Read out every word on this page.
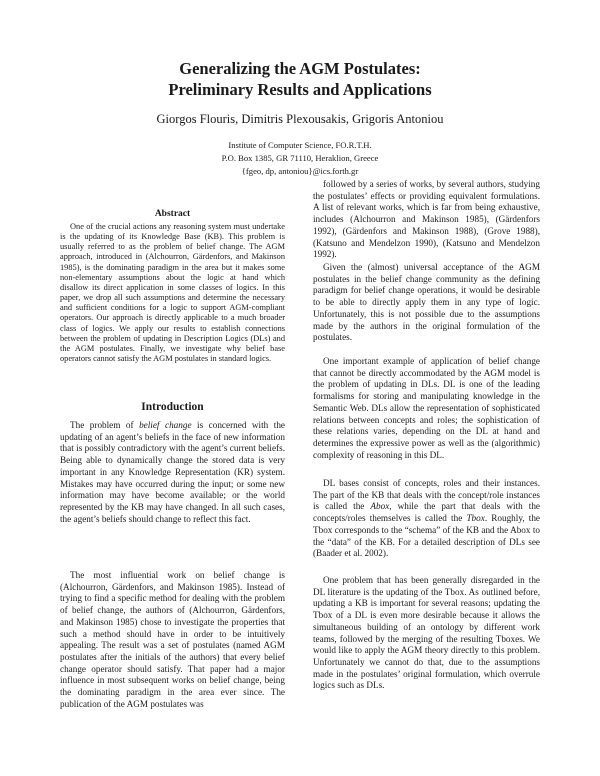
Generalizing the AGM Postulates:
Preliminary Results and Applications
Giorgos Flouris, Dimitris Plexousakis, Grigoris Antoniou
Institute of Computer Science, FO.R.T.H.
P.O. Box 1385, GR 71110, Heraklion, Greece
{fgeo, dp, antoniou}@ics.forth.gr
Abstract

One of the crucial actions any reasoning system must undertake is the updating of its Knowledge Base (KB). This problem is usually referred to as the problem of belief change. The AGM approach, introduced in (Alchourron, Gärdenfors, and Makinson 1985), is the dominating paradigm in the area but it makes some non-elementary assumptions about the logic at hand which disallow its direct application in some classes of logics. In this paper, we drop all such assumptions and determine the necessary and sufficient conditions for a logic to support AGM-compliant operators. Our approach is directly applicable to a much broader class of logics. We apply our results to establish connections between the problem of updating in Description Logics (DLs) and the AGM postulates. Finally, we investigate why belief base operators cannot satisfy the AGM postulates in standard logics.

Introduction

The problem of belief change is concerned with the updating of an agent’s beliefs in the face of new information that is possibly contradictory with the agent’s current beliefs. Being able to dynamically change the stored data is very important in any Knowledge Representation (KR) system. Mistakes may have occurred during the input; or some new information may have become available; or the world represented by the KB may have changed. In all such cases, the agent’s beliefs should change to reflect this fact.

The most influential work on belief change is (Alchourron, Gärdenfors, and Makinson 1985). Instead of trying to find a specific method for dealing with the problem of belief change, the authors of (Alchourron, Gärdenfors, and Makinson 1985) chose to investigate the properties that such a method should have in order to be intuitively appealing. The result was a set of postulates (named AGM postulates after the initials of the authors) that every belief change operator should satisfy. That paper had a major influence in most subsequent works on belief change, being the dominating paradigm in the area ever since. The publication of the AGM postulates was

followed by a series of works, by several authors, studying the postulates’ effects or providing equivalent formulations. A list of relevant works, which is far from being exhaustive, includes (Alchourron and Makinson 1985), (Gärdenfors 1992), (Gärdenfors and Makinson 1988), (Grove 1988), (Katsuno and Mendelzon 1990), (Katsuno and Mendelzon 1992).

Given the (almost) universal acceptance of the AGM postulates in the belief change community as the defining paradigm for belief change operations, it would be desirable to be able to directly apply them in any type of logic. Unfortunately, this is not possible due to the assumptions made by the authors in the original formulation of the postulates.

One important example of application of belief change that cannot be directly accommodated by the AGM model is the problem of updating in DLs. DL is one of the leading formalisms for storing and manipulating knowledge in the Semantic Web. DLs allow the representation of sophisticated relations between concepts and roles; the sophistication of these relations varies, depending on the DL at hand and determines the expressive power as well as the (algorithmic) complexity of reasoning in this DL.

DL bases consist of concepts, roles and their instances. The part of the KB that deals with the concept/role instances is called the Abox, while the part that deals with the concepts/roles themselves is called the Tbox. Roughly, the Tbox corresponds to the “schema” of the KB and the Abox to the “data” of the KB. For a detailed description of DLs see (Baader et al. 2002).

One problem that has been generally disregarded in the DL literature is the updating of the Tbox. As outlined before, updating a KB is important for several reasons; updating the Tbox of a DL is even more desirable because it allows the simultaneous building of an ontology by different work teams, followed by the merging of the resulting Tboxes. We would like to apply the AGM theory directly to this problem. Unfortunately we cannot do that, due to the assumptions made in the postulates’ original formulation, which overrule logics such as DLs.
